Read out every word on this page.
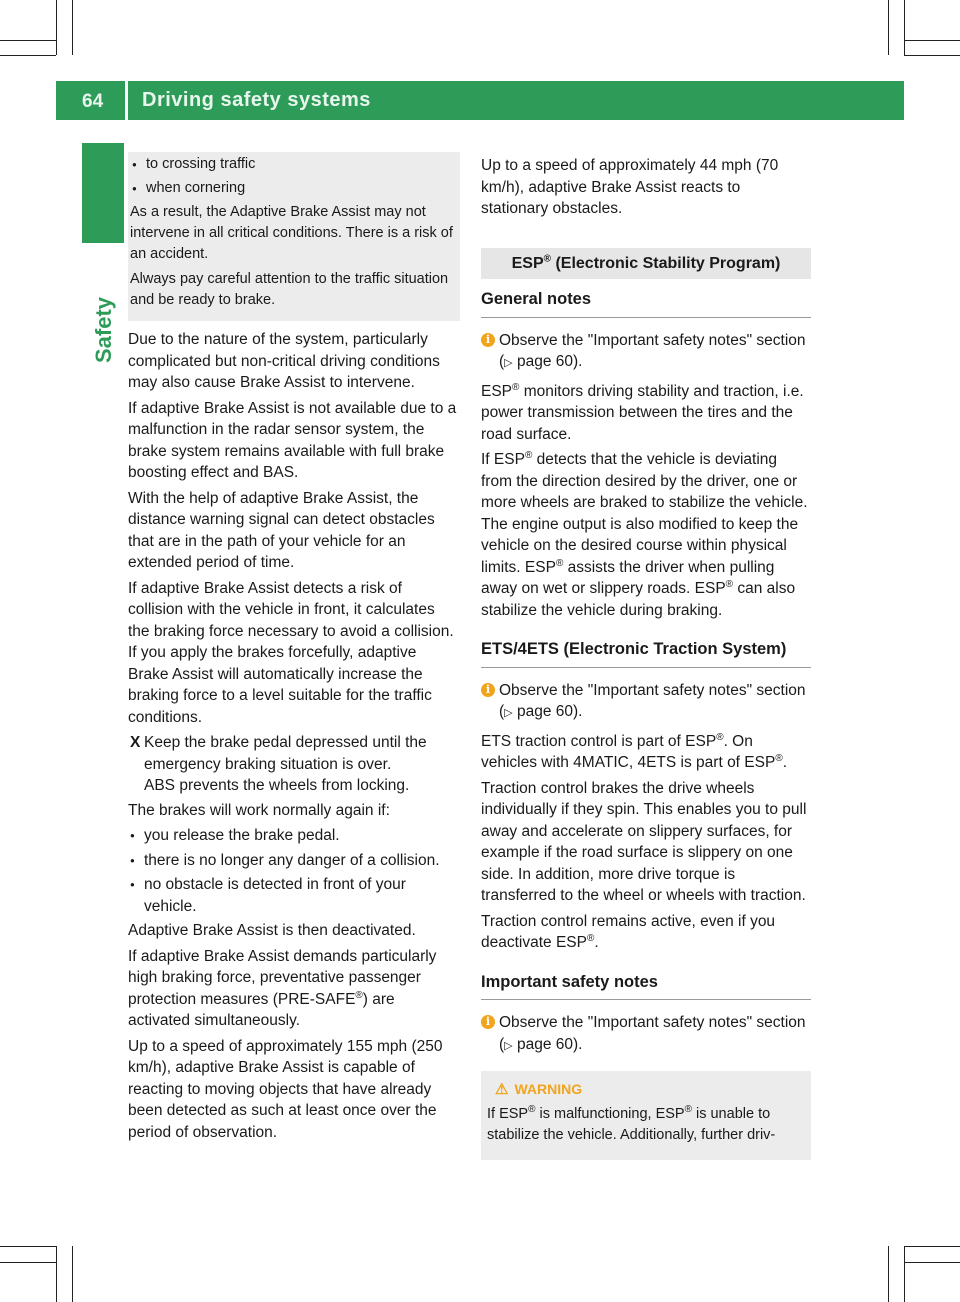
64 Driving safety systems
Safety
● to crossing traffic
● when cornering

As a result, the Adaptive Brake Assist may not intervene in all critical conditions. There is a risk of an accident.

Always pay careful attention to the traffic situation and be ready to brake.

Due to the nature of the system, particularly complicated but non-critical driving conditions may also cause Brake Assist to intervene.

If adaptive Brake Assist is not available due to a malfunction in the radar sensor system, the brake system remains available with full brake boosting effect and BAS.

With the help of adaptive Brake Assist, the distance warning signal can detect obstacles that are in the path of your vehicle for an extended period of time.

If adaptive Brake Assist detects a risk of collision with the vehicle in front, it calculates the braking force necessary to avoid a collision. If you apply the brakes forcefully, adaptive Brake Assist will automatically increase the braking force to a level suitable for the traffic conditions.

X Keep the brake pedal depressed until the emergency braking situation is over.
ABS prevents the wheels from locking.

The brakes will work normally again if:

● you release the brake pedal.
● there is no longer any danger of a collision.
● no obstacle is detected in front of your vehicle.

Adaptive Brake Assist is then deactivated.

If adaptive Brake Assist demands particularly high braking force, preventative passenger protection measures (PRE-SAFE®) are activated simultaneously.

Up to a speed of approximately 155 mph (250 km/h), adaptive Brake Assist is capable of reacting to moving objects that have already been detected as such at least once over the period of observation.

Up to a speed of approximately 44 mph (70 km/h), adaptive Brake Assist reacts to stationary obstacles.

ESP® (Electronic Stability Program)
General notes
i Observe the "Important safety notes" section (▷ page 60).

ESP® monitors driving stability and traction, i.e. power transmission between the tires and the road surface.

If ESP® detects that the vehicle is deviating from the direction desired by the driver, one or more wheels are braked to stabilize the vehicle. The engine output is also modified to keep the vehicle on the desired course within physical limits. ESP® assists the driver when pulling away on wet or slippery roads. ESP® can also stabilize the vehicle during braking.

ETS/4ETS (Electronic Traction System)
i Observe the "Important safety notes" section (▷ page 60).

ETS traction control is part of ESP®. On vehicles with 4MATIC, 4ETS is part of ESP®.

Traction control brakes the drive wheels individually if they spin. This enables you to pull away and accelerate on slippery surfaces, for example if the road surface is slippery on one side. In addition, more drive torque is transferred to the wheel or wheels with traction.

Traction control remains active, even if you deactivate ESP®.

Important safety notes
i Observe the "Important safety notes" section (▷ page 60).
⚠ WARNING

If ESP® is malfunctioning, ESP® is unable to stabilize the vehicle. Additionally, further driv-
